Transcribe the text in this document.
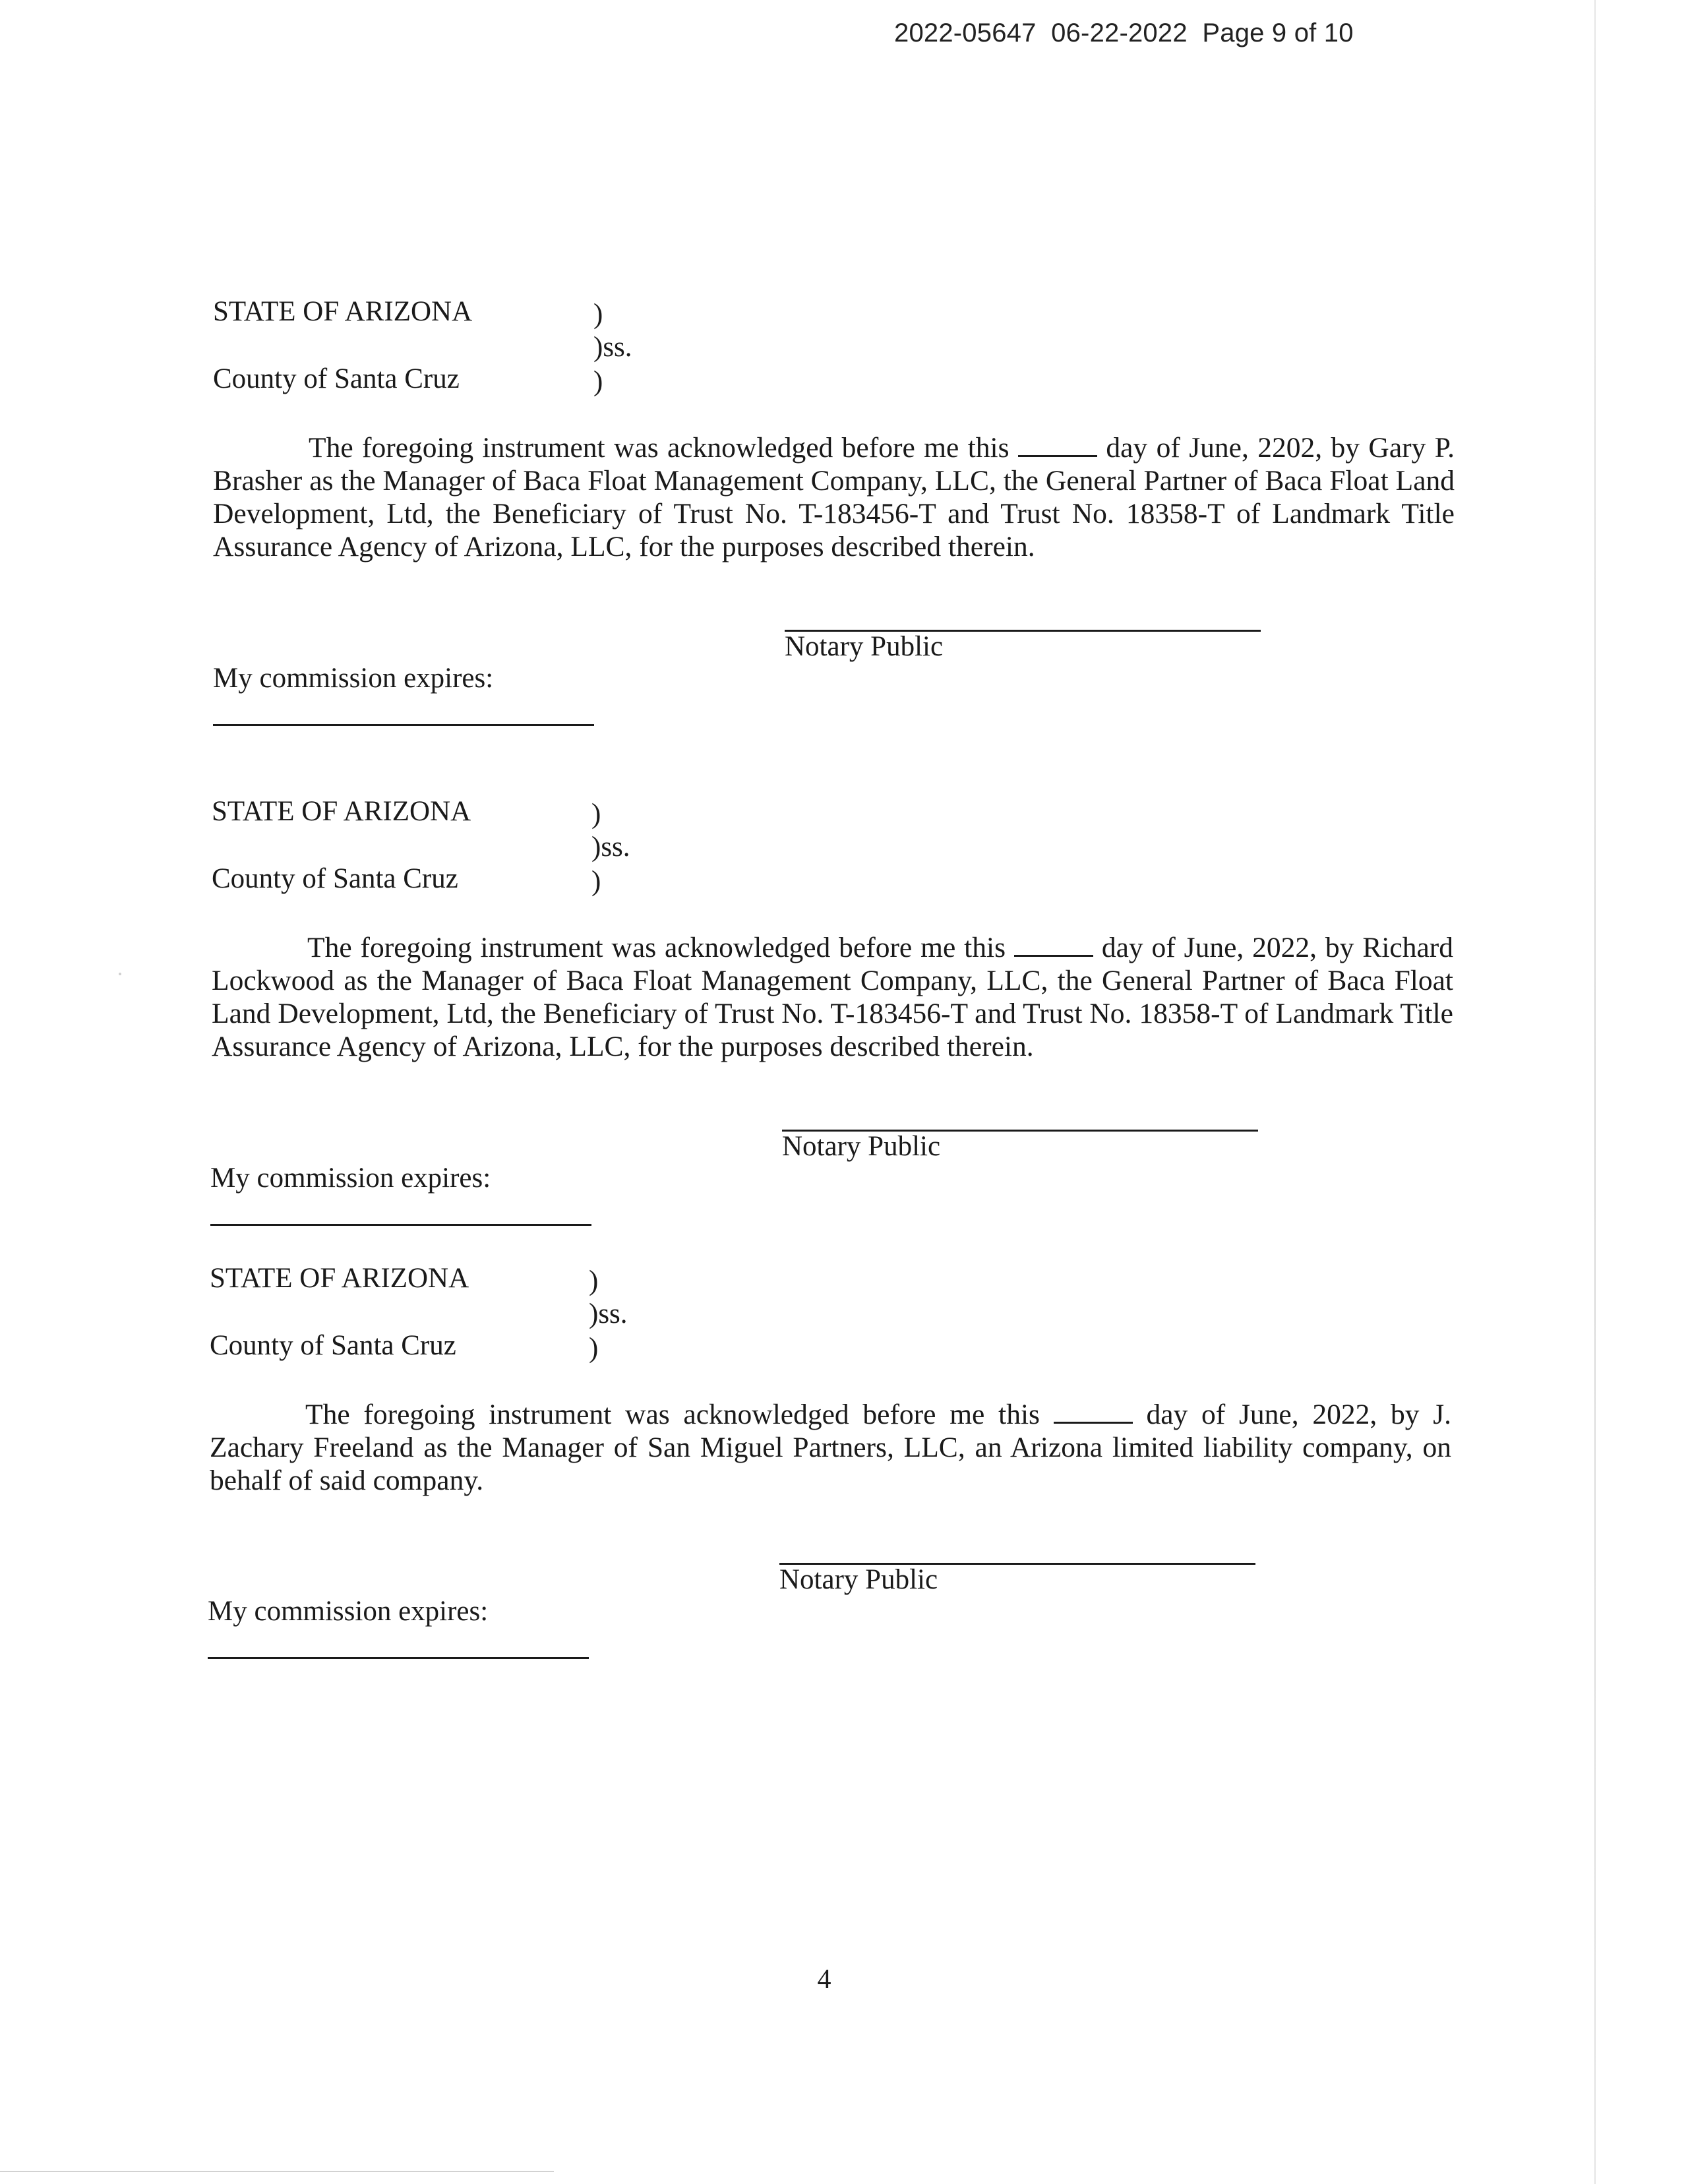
2022-05647  06-22-2022  Page 9 of 10
STATE OF ARIZONA	)
)ss.
County of Santa Cruz	)

The foregoing instrument was acknowledged before me this	day of June, 2202, by Gary P. Brasher as the Manager of Baca Float Management Company, LLC, the General Partner of Baca Float Land Development, Ltd, the Beneficiary of Trust No. T-183456-T and Trust No. 18358-T of Landmark Title Assurance Agency of Arizona, LLC, for the purposes described therein.

Notary Public
My commission expires:
STATE OF ARIZONA	)
)ss.
County of Santa Cruz	)

The foregoing instrument was acknowledged before me this	day of June, 2022, by Richard Lockwood as the Manager of Baca Float Management Company, LLC, the General Partner of Baca Float Land Development, Ltd, the Beneficiary of Trust No. T-183456-T and Trust No. 18358-T of Landmark Title Assurance Agency of Arizona, LLC, for the purposes described therein.

Notary Public
My commission expires:
STATE OF ARIZONA	)
)ss.
County of Santa Cruz	)

The foregoing instrument was acknowledged before me this	day of June, 2022, by J. Zachary Freeland as the Manager of San Miguel Partners, LLC, an Arizona limited liability company, on behalf of said company.

Notary Public
My commission expires:
4
